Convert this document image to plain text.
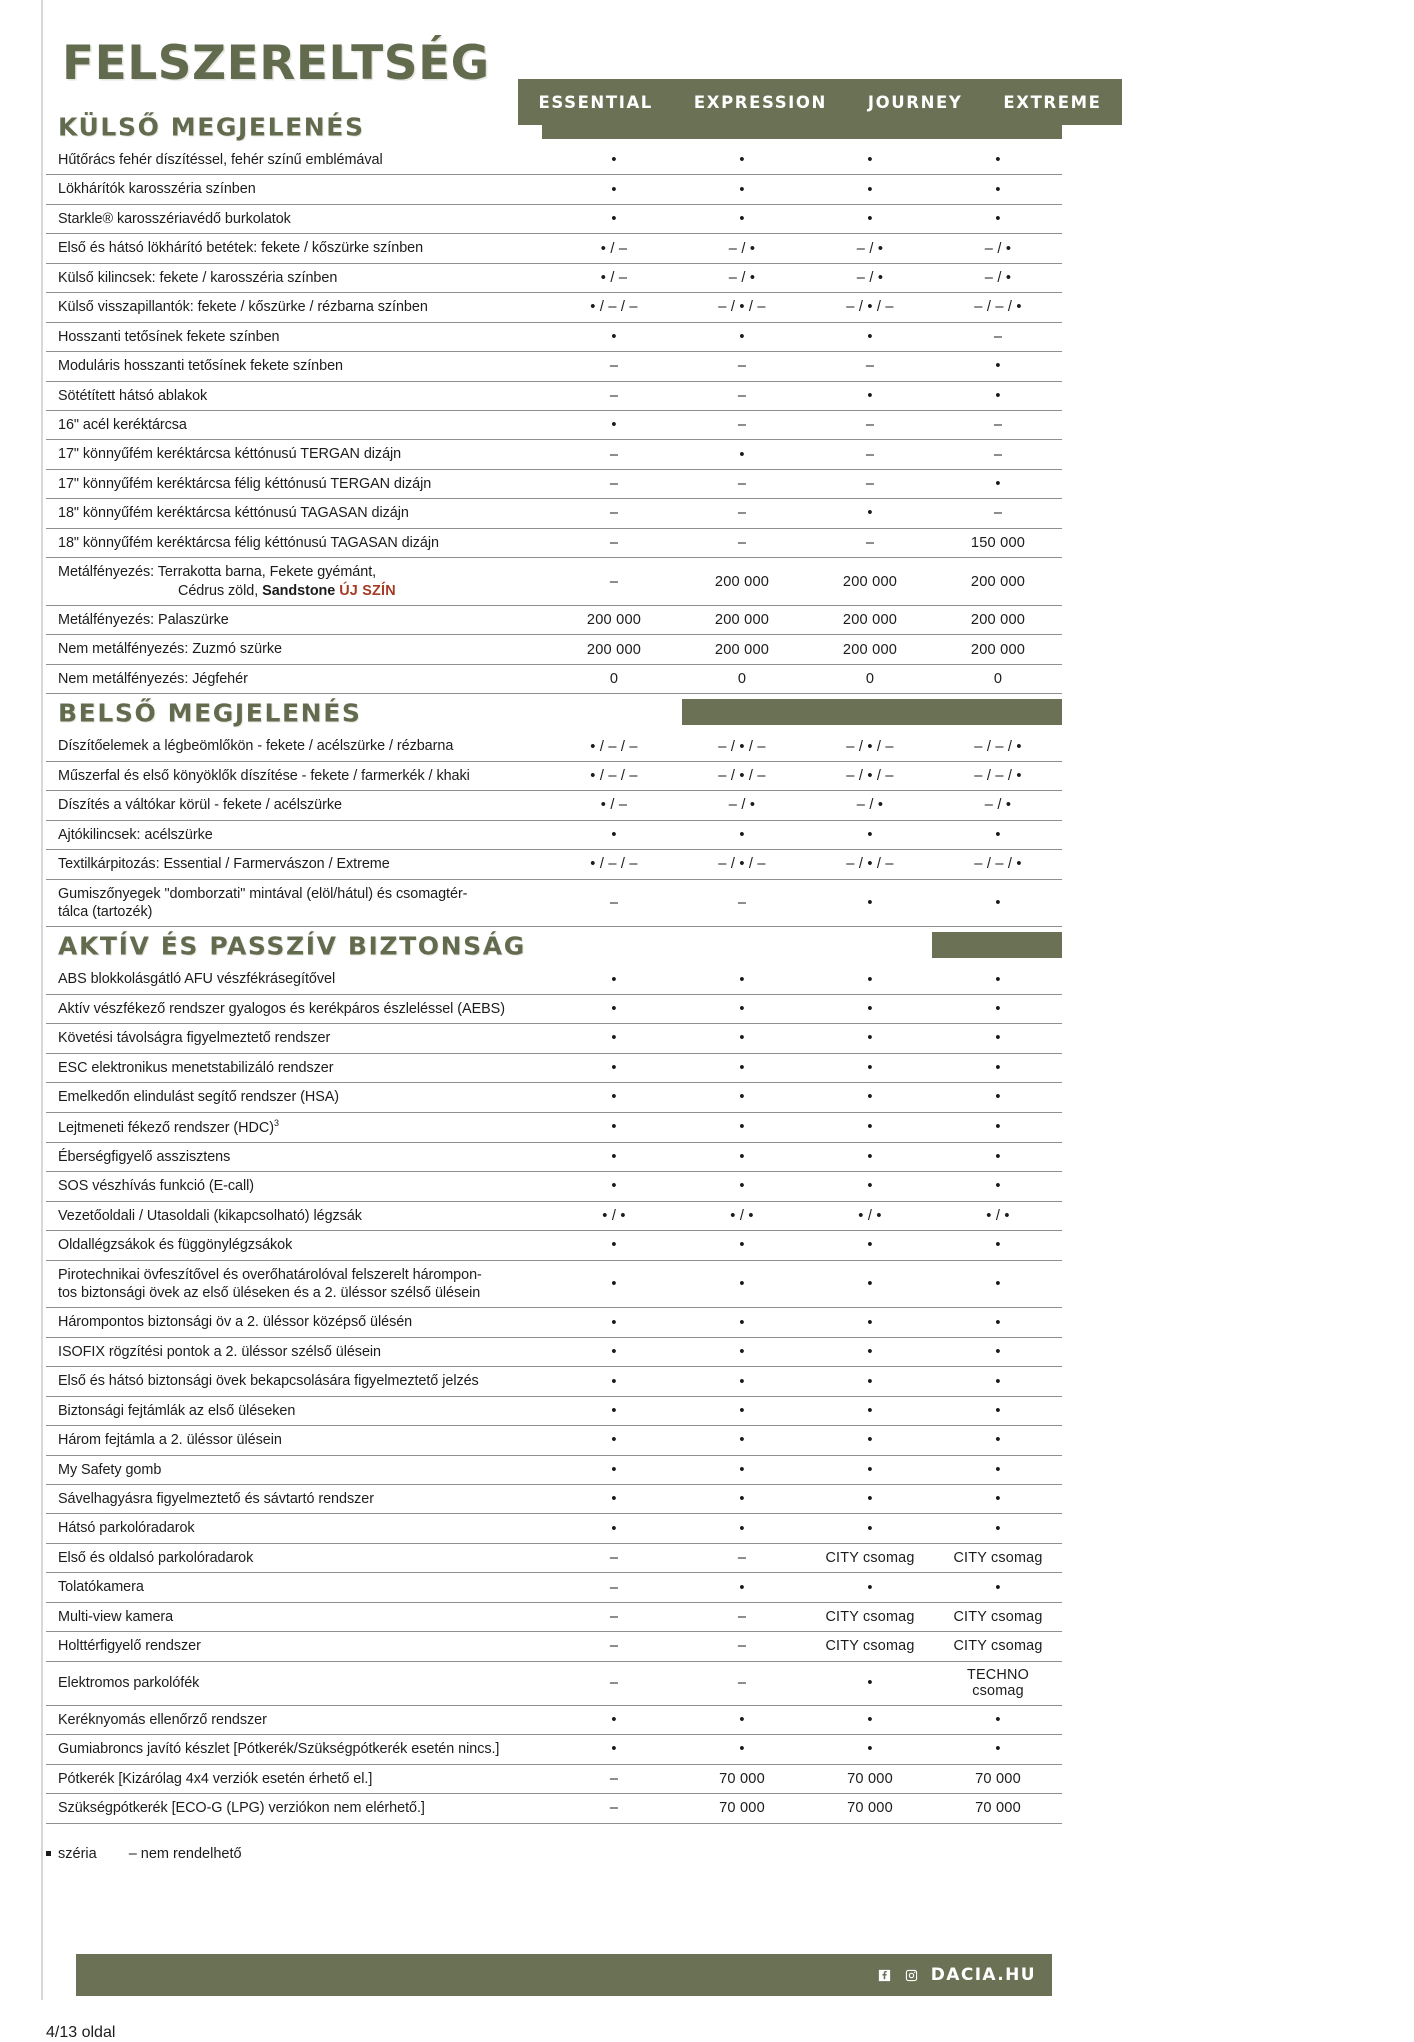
FELSZERELTSÉG
ESSENTIAL EXPRESSION JOURNEY EXTREME
KÜLSŐ MEGJELENÉS				

Hűtőrács fehér díszítéssel, fehér színű emblémával	•	•	•	•
Lökhárítók karosszéria színben	•	•	•	•
Starkle® karosszériavédő burkolatok	•	•	•	•
Első és hátsó lökhárító betétek: fekete / kőszürke színben	• / –	– / •	– / •	– / •
Külső kilincsek: fekete / karosszéria színben	• / –	– / •	– / •	– / •
Külső visszapillantók: fekete / kőszürke / rézbarna színben	• / – / –	– / • / –	– / • / –	– / – / •
Hosszanti tetősínek fekete színben	•	•	•	–
Moduláris hosszanti tetősínek fekete színben	–	–	–	•
Sötétített hátsó ablakok	–	–	•	•
16" acél keréktárcsa	•	–	–	–
17" könnyűfém keréktárcsa kéttónusú TERGAN dizájn	–	•	–	–
17" könnyűfém keréktárcsa félig kéttónusú TERGAN dizájn	–	–	–	•
18" könnyűfém keréktárcsa kéttónusú TAGASAN dizájn	–	–	•	–
18" könnyűfém keréktárcsa félig kéttónusú TAGASAN dizájn	–	–	–	150 000
Metálfényezés: Terrakotta barna, Fekete gyémánt,

Cédrus zöld, Sandstone ÚJ SZÍN	–	200 000	200 000	200 000
Metálfényezés: Palaszürke	200 000	200 000	200 000	200 000
Nem metálfényezés: Zuzmó szürke	200 000	200 000	200 000	200 000
Nem metálfényezés: Jégfehér	0	0	0	0

BELSŐ MEGJELENÉS				

Díszítőelemek a légbeömlőkön - fekete / acélszürke / rézbarna	• / – / –	– / • / –	– / • / –	– / – / •
Műszerfal és első könyöklők díszítése - fekete / farmerkék / khaki	• / – / –	– / • / –	– / • / –	– / – / •
Díszítés a váltókar körül - fekete / acélszürke	• / –	– / •	– / •	– / •
Ajtókilincsek: acélszürke	•	•	•	•
Textilkárpitozás: Essential / Farmervászon / Extreme	• / – / –	– / • / –	– / • / –	– / – / •
Gumiszőnyegek "domborzati" mintával (elöl/hátul) és csomagtér-
tálca (tartozék)	–	–	•	•

AKTÍV ÉS PASSZÍV BIZTONSÁG				

ABS blokkolásgátló AFU vészfékrásegítővel	•	•	•	•
Aktív vészfékező rendszer gyalogos és kerékpáros észleléssel (AEBS)	•	•	•	•
Követési távolságra figyelmeztető rendszer	•	•	•	•
ESC elektronikus menetstabilizáló rendszer	•	•	•	•
Emelkedőn elindulást segítő rendszer (HSA)	•	•	•	•
Lejtmeneti fékező rendszer (HDC)$^3$	•	•	•	•
Éberségfigyelő asszisztens	•	•	•	•
SOS vészhívás funkció (E-call)	•	•	•	•
Vezetőoldali / Utasoldali (kikapcsolható) légzsák	• / •	• / •	• / •	• / •
Oldallégzsákok és függönylégzsákok	•	•	•	•
Pirotechnikai övfeszítővel és overőhatárolóval felszerelt hárompon-
tos biztonsági övek az első üléseken és a 2. üléssor szélső ülésein	•	•	•	•
Hárompontos biztonsági öv a 2. üléssor középső ülésén	•	•	•	•
ISOFIX rögzítési pontok a 2. üléssor szélső ülésein	•	•	•	•
Első és hátsó biztonsági övek bekapcsolására figyelmeztető jelzés	•	•	•	•
Biztonsági fejtámlák az első üléseken	•	•	•	•
Három fejtámla a 2. üléssor ülésein	•	•	•	•
My Safety gomb	•	•	•	•
Sávelhagyásra figyelmeztető és sávtartó rendszer	•	•	•	•
Hátsó parkolóradarok	•	•	•	•
Első és oldalsó parkolóradarok	–	–	CITY csomag	CITY csomag
Tolatókamera	–	•	•	•
Multi-view kamera	–	–	CITY csomag	CITY csomag
Holttérfigyelő rendszer	–	–	CITY csomag	CITY csomag
Elektromos parkolófék	–	–	•	TECHNO
csomag

Keréknyomás ellenőrző rendszer	•	•	•	•
Gumiabroncs javító készlet [Pótkerék/Szükségpótkerék esetén nincs.]	•	•	•	•
Pótkerék [Kizárólag 4x4 verziók esetén érhető el.]	–	70 000	70 000	70 000
Szükségpótkerék [ECO-G (LPG) verziókon nem elérhető.]	–	70 000	70 000	70 000
széria – nem rendelhető
DACIA.HU
4/13 oldal
